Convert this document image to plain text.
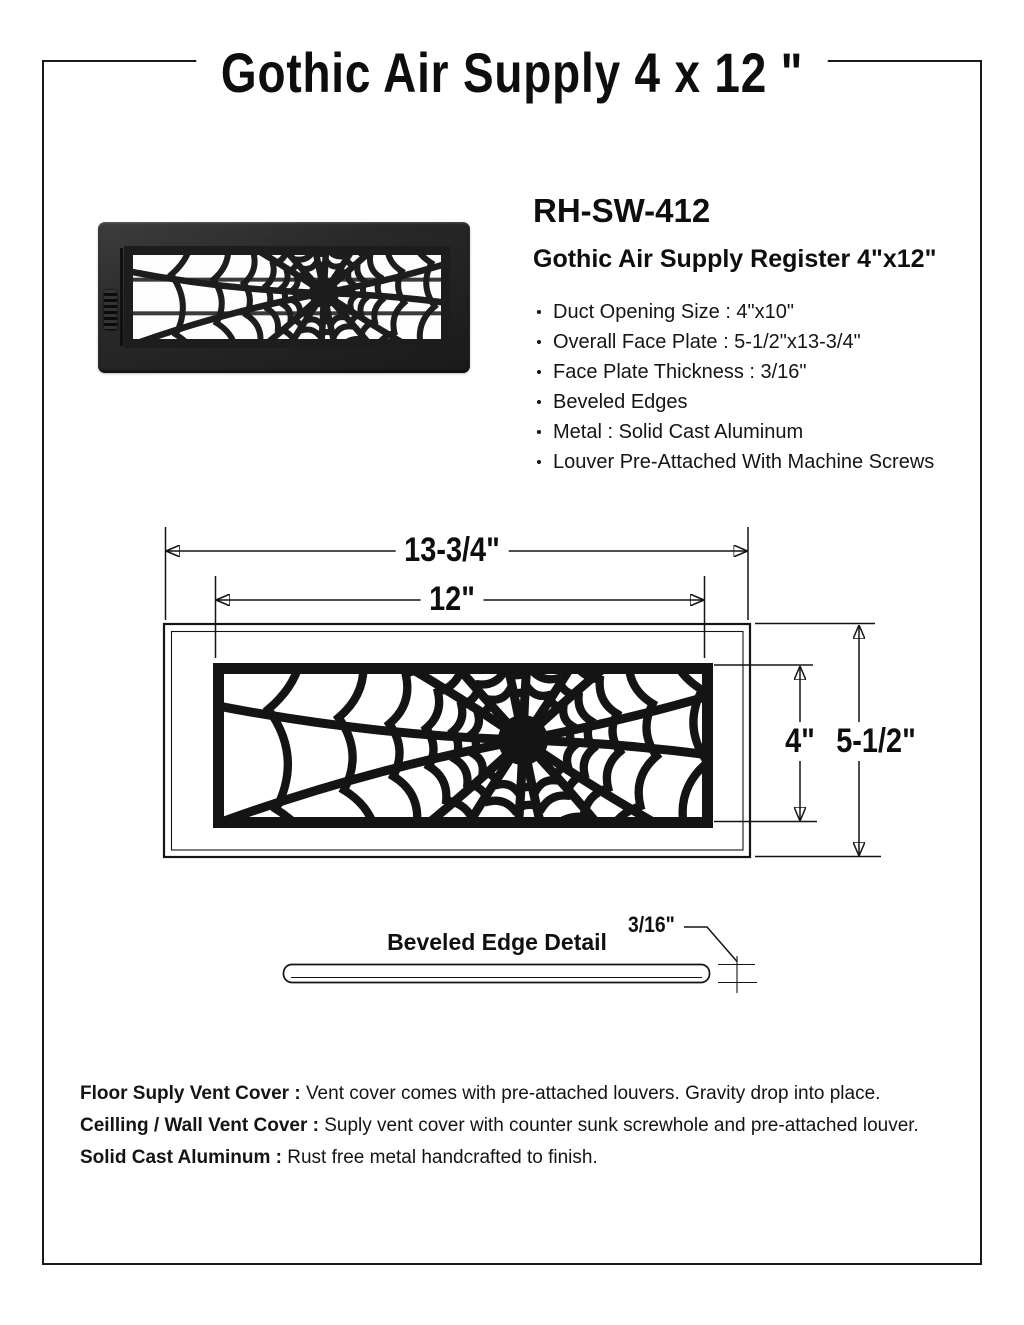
Gothic Air Supply 4 x 12 "
RH-SW-412
Gothic Air Supply Register 4"x12"
Duct Opening Size : 4"x10"
Overall Face Plate : 5-1/2"x13-3/4"
Face Plate Thickness : 3/16"
Beveled Edges
Metal : Solid Cast Aluminum
Louver Pre-Attached With Machine Screws
13-3/4"
12"
4" 5-1/2"
Beveled Edge Detail
3/16"

Floor Suply Vent Cover : Vent cover comes with pre-attached louvers. Gravity drop into place.

Ceilling / Wall Vent Cover : Suply vent cover with counter sunk screwhole and pre-attached louver.

Solid Cast Aluminum : Rust free metal handcrafted to finish.
